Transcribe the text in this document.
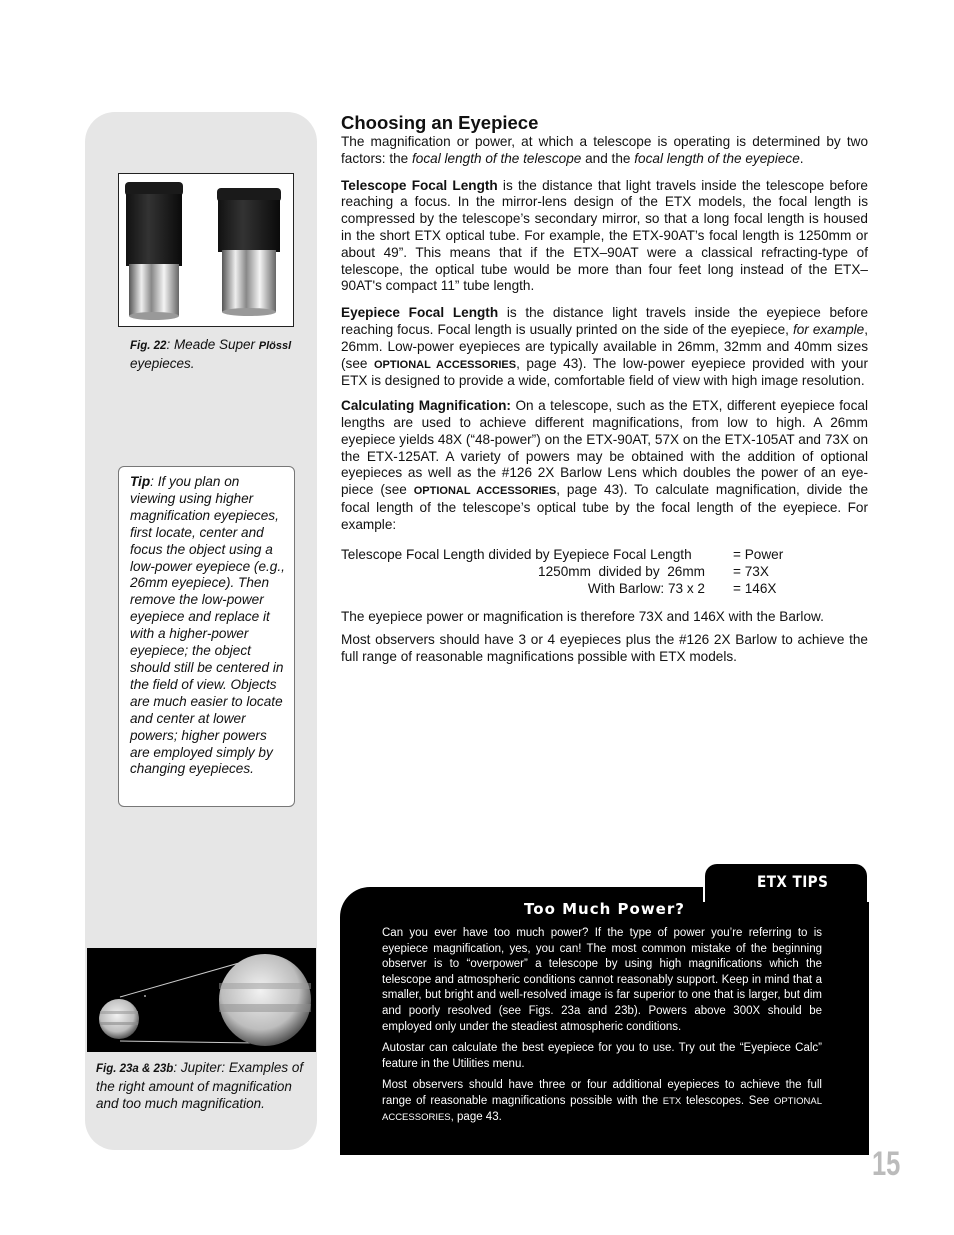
Fig. 22: Meade Super Plössl eyepieces.
Tip: If you plan on viewing using higher magnification eyepieces, first locate, center and focus the object using a low-power eyepiece (e.g., 26mm eyepiece). Then remove the low-power eyepiece and replace it with a higher-power eyepiece; the object should still be centered in the field of view. Objects are much easier to locate and center at lower powers; higher powers are employed simply by changing eyepieces.
Fig. 23a & 23b: Jupiter: Examples of the right amount of magnification and too much magnification.
Choosing an Eyepiece

The magnification or power, at which a telescope is operating is determined by two factors: the focal length of the telescope and the focal length of the eyepiece.

Telescope Focal Length is the distance that light travels inside the telescope before reaching a focus. In the mirror-lens design of the ETX models, the focal length is compressed by the telescope’s secondary mirror, so that a long focal length is housed in the short ETX optical tube. For example, the ETX-90AT’s focal length is 1250mm or about 49”. This means that if the ETX–90AT were a classical refracting-type of telescope, the optical tube would be more than four feet long instead of the ETX–90AT's compact 11” tube length.

Eyepiece Focal Length is the distance light travels inside the eyepiece before reaching focus. Focal length is usually printed on the side of the eyepiece, for example, 26mm. Low-power eyepieces are typically available in 26mm, 32mm and 40mm sizes (see OPTIONAL ACCESSORIES, page 43). The low-power eyepiece provided with your ETX is designed to provide a wide, comfortable field of view with high image resolution.

Calculating Magnification: On a telescope, such as the ETX, different eyepiece focal lengths are used to achieve different magnifications, from low to high. A 26mm eyepiece yields 48X (“48-power”) on the ETX-90AT, 57X on the ETX-105AT and 73X on the ETX-125AT. A variety of powers may be obtained with the addition of optional eyepieces as well as the #126 2X Barlow Lens which doubles the power of an eye-piece (see OPTIONAL ACCESSORIES, page 43). To calculate magnification, divide the focal length of the telescope’s optical tube by the focal length of the eyepiece. For example:

Telescope Focal Length divided by Eyepiece Focal Length	= Power
1250mm  divided by  26mm = 73X
With Barlow: 73 x 2 = 146X

The eyepiece power or magnification is therefore 73X and 146X with the Barlow.

Most observers should have 3 or 4 eyepieces plus the #126 2X Barlow to achieve the full range of reasonable magnifications possible with ETX models.

ETX TIPS
Too Much Power?

Can you ever have too much power? If the type of power you’re referring to is eyepiece magnification, yes, you can! The most common mistake of the beginning observer is to “overpower” a telescope by using high magnifications which the telescope and atmospheric conditions cannot reasonably support. Keep in mind that a smaller, but bright and well-resolved image is far superior to one that is larger, but dim and poorly resolved (see Figs. 23a and 23b). Powers above 300X should be employed only under the steadiest atmospheric conditions.

Autostar can calculate the best eyepiece for you to use. Try out the “Eyepiece Calc” feature in the Utilities menu.

Most observers should have three or four additional eyepieces to achieve the full range of reasonable magnifications possible with the ETX telescopes. See OPTIONAL ACCESSORIES, page 43.

15
